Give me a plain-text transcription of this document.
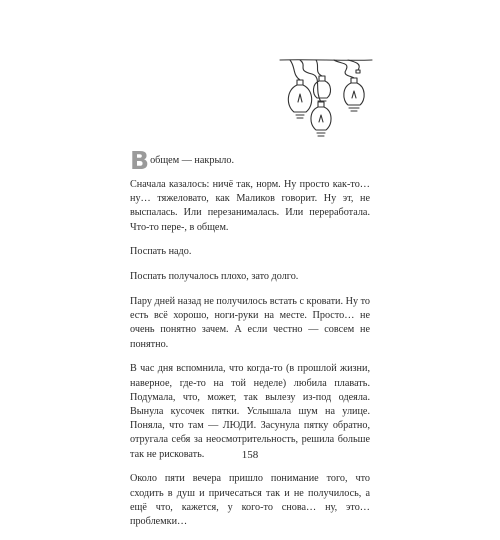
В общем — накрыло.

Сначала казалось: ничё так, норм. Ну просто как-то… ну… тяжеловато, как Маликов говорит. Ну эт, не выспалась. Или перезанималась. Или переработала. Что-то пере-, в общем.

Поспать надо.

Поспать получалось плохо, зато долго.

Пару дней назад не получилось встать с кровати. Ну то есть всё хорошо, ноги-руки на месте. Просто… не очень понятно зачем. А если честно — совсем не понятно.

В час дня вспомнила, что когда-то (в прошлой жизни, наверное, где-то на той неделе) любила плавать. Подумала, что, может, так вылезу из-под одеяла. Вынула кусочек пятки. Услышала шум на улице. Поняла, что там — ЛЮДИ. Засунула пятку обратно, отругала себя за неосмотрительность, решила больше так не рисковать.

Около пяти вечера пришло понимание того, что сходить в душ и причесаться так и не получилось, а ещё что, кажется, у кого-то снова… ну, это… проблемки…

158
